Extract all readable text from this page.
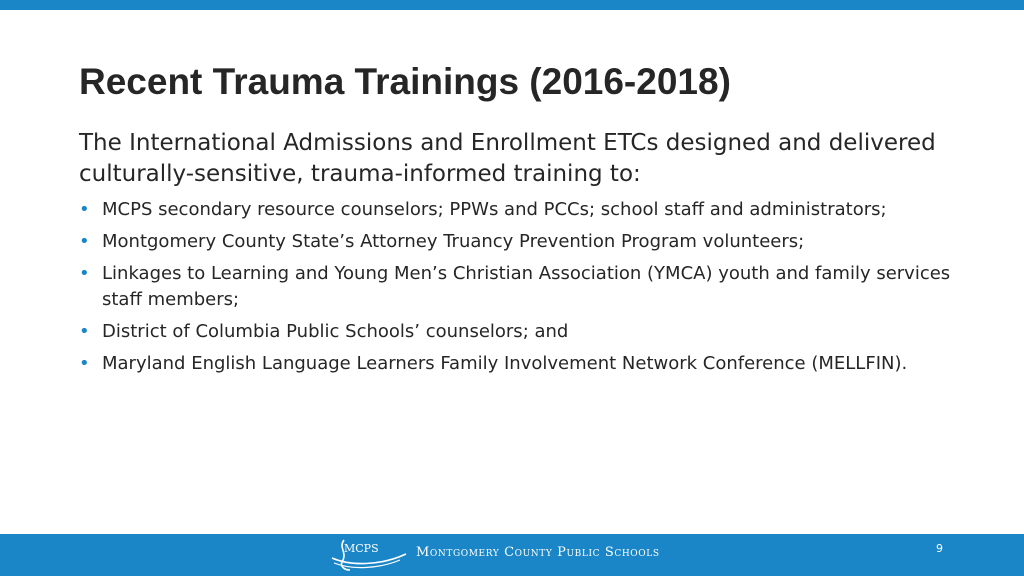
Recent Trauma Trainings (2016-2018)

The International Admissions and Enrollment ETCs designed and delivered culturally-sensitive, trauma-informed training to:

• MCPS secondary resource counselors; PPWs and PCCs; school staff and administrators;
• Montgomery County State’s Attorney Truancy Prevention Program volunteers;
• Linkages to Learning and Young Men’s Christian Association (YMCA) youth and family services staff members;
• District of Columbia Public Schools’ counselors; and
• Maryland English Language Learners Family Involvement Network Conference (MELLFIN).
MCPS	Montgomery County Public Schools	9
